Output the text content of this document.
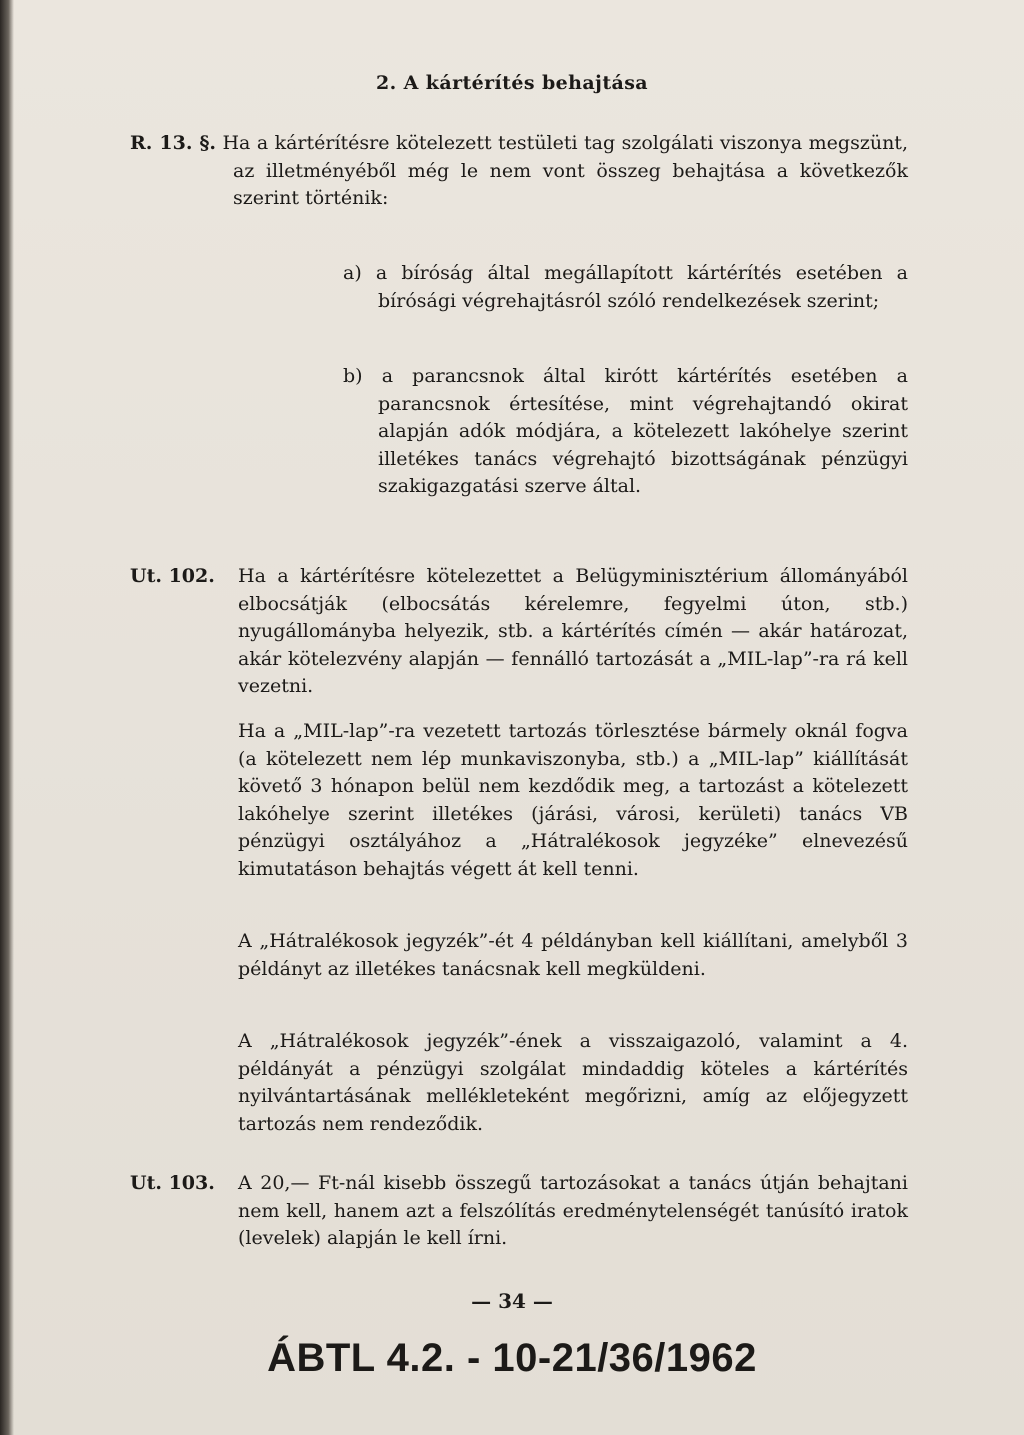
2. A kártérítés behajtása
R. 13. §. Ha a kártérítésre kötelezett testületi tag szolgálati viszonya megszünt, az illetményéből még le nem vont összeg behajtása a következők szerint történik:
a) a bíróság által megállapított kártérítés esetében a bírósági végrehajtásról szóló rendelkezések szerint;
b) a parancsnok által kirótt kártérítés esetében a parancsnok értesítése, mint végrehajtandó okirat alapján adók módjára, a kötelezett lakóhelye szerint illetékes tanács végrehajtó bizottságának pénzügyi szakigazgatási szerve által.
Ut. 102. Ha a kártérítésre kötelezettet a Belügyminisztérium állományából elbocsátják (elbocsátás kérelemre, fegyelmi úton, stb.) nyugállományba helyezik, stb. a kártérítés címén — akár határozat, akár kötelezvény alapján — fennálló tartozását a „MIL-lap”-ra rá kell vezetni.
Ha a „MIL-lap”-ra vezetett tartozás törlesztése bármely oknál fogva (a kötelezett nem lép munkaviszonyba, stb.) a „MIL-lap” kiállítását követő 3 hónapon belül nem kezdődik meg, a tartozást a kötelezett lakóhelye szerint illetékes (járási, városi, kerületi) tanács VB pénzügyi osztályához a „Hátralékosok jegyzéke” elnevezésű kimutatáson behajtás végett át kell tenni.
A „Hátralékosok jegyzék”-ét 4 példányban kell kiállítani, amelyből 3 példányt az illetékes tanácsnak kell megküldeni.
A „Hátralékosok jegyzék”-ének a visszaigazoló, valamint a 4. példányát a pénzügyi szolgálat mindaddig köteles a kártérítés nyilvántartásának mellékleteként megőrizni, amíg az előjegyzett tartozás nem rendeződik.
Ut. 103. A 20,— Ft-nál kisebb összegű tartozásokat a tanács útján behajtani nem kell, hanem azt a felszólítás eredménytelenségét tanúsító iratok (levelek) alapján le kell írni.
— 34 —
ÁBTL 4.2. - 10-21/36/1962
